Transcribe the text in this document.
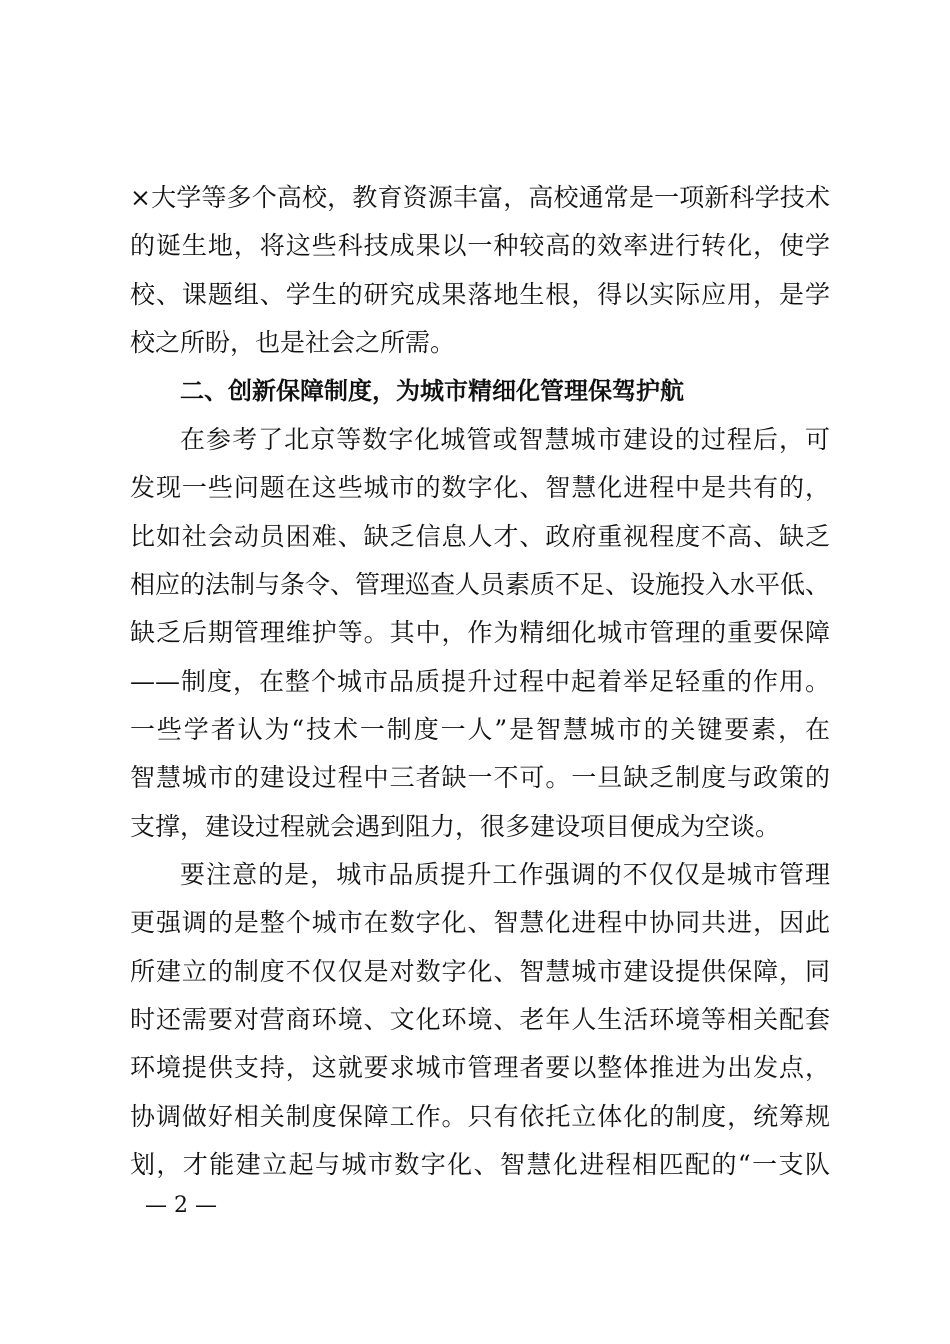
×大学等多个高校，教育资源丰富，高校通常是一项新科学技术
的诞生地，将这些科技成果以一种较高的效率进行转化，使学
校、课题组、学生的研究成果落地生根，得以实际应用，是学
校之所盼，也是社会之所需。
二、创新保障制度，为城市精细化管理保驾护航
在参考了北京等数字化城管或智慧城市建设的过程后，可
发现一些问题在这些城市的数字化、智慧化进程中是共有的，
比如社会动员困难、缺乏信息人才、政府重视程度不高、缺乏
相应的法制与条令、管理巡查人员素质不足、设施投入水平低、
缺乏后期管理维护等。其中，作为精细化城市管理的重要保障
——制度，在整个城市品质提升过程中起着举足轻重的作用。
一些学者认为“技术一制度一人”是智慧城市的关键要素，在
智慧城市的建设过程中三者缺一不可。一旦缺乏制度与政策的
支撑，建设过程就会遇到阻力，很多建设项目便成为空谈。
要注意的是，城市品质提升工作强调的不仅仅是城市管理
更强调的是整个城市在数字化、智慧化进程中协同共进，因此
所建立的制度不仅仅是对数字化、智慧城市建设提供保障，同
时还需要对营商环境、文化环境、老年人生活环境等相关配套
环境提供支持，这就要求城市管理者要以整体推进为出发点，
协调做好相关制度保障工作。只有依托立体化的制度，统筹规
划，才能建立起与城市数字化、智慧化进程相匹配的“一支队
— 2 —
